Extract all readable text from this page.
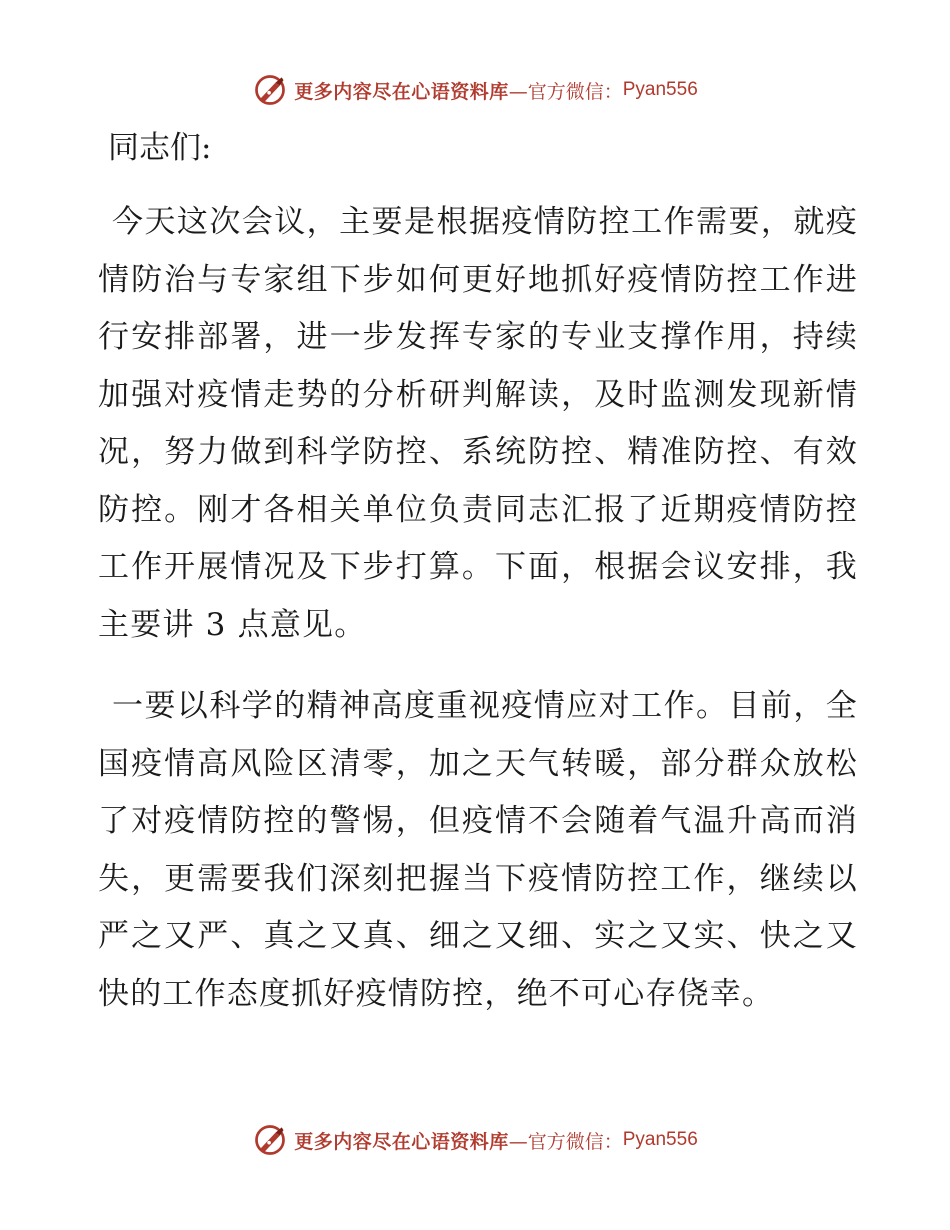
更多内容尽在心语资料库 —官方微信： Pyan556

同志们:

今天这次会议，主要是根据疫情防控工作需要，就疫情防治与专家组下步如何更好地抓好疫情防控工作进行安排部署，进一步发挥专家的专业支撑作用，持续加强对疫情走势的分析研判解读，及时监测发现新情况，努力做到科学防控、系统防控、精准防控、有效防控。刚才各相关单位负责同志汇报了近期疫情防控工作开展情况及下步打算。下面，根据会议安排，我主要讲 3 点意见。

一要以科学的精神高度重视疫情应对工作。目前，全国疫情高风险区清零，加之天气转暖，部分群众放松了对疫情防控的警惕，但疫情不会随着气温升高而消失，更需要我们深刻把握当下疫情防控工作，继续以严之又严、真之又真、细之又细、实之又实、快之又快的工作态度抓好疫情防控，绝不可心存侥幸。

更多内容尽在心语资料库 —官方微信： Pyan556
